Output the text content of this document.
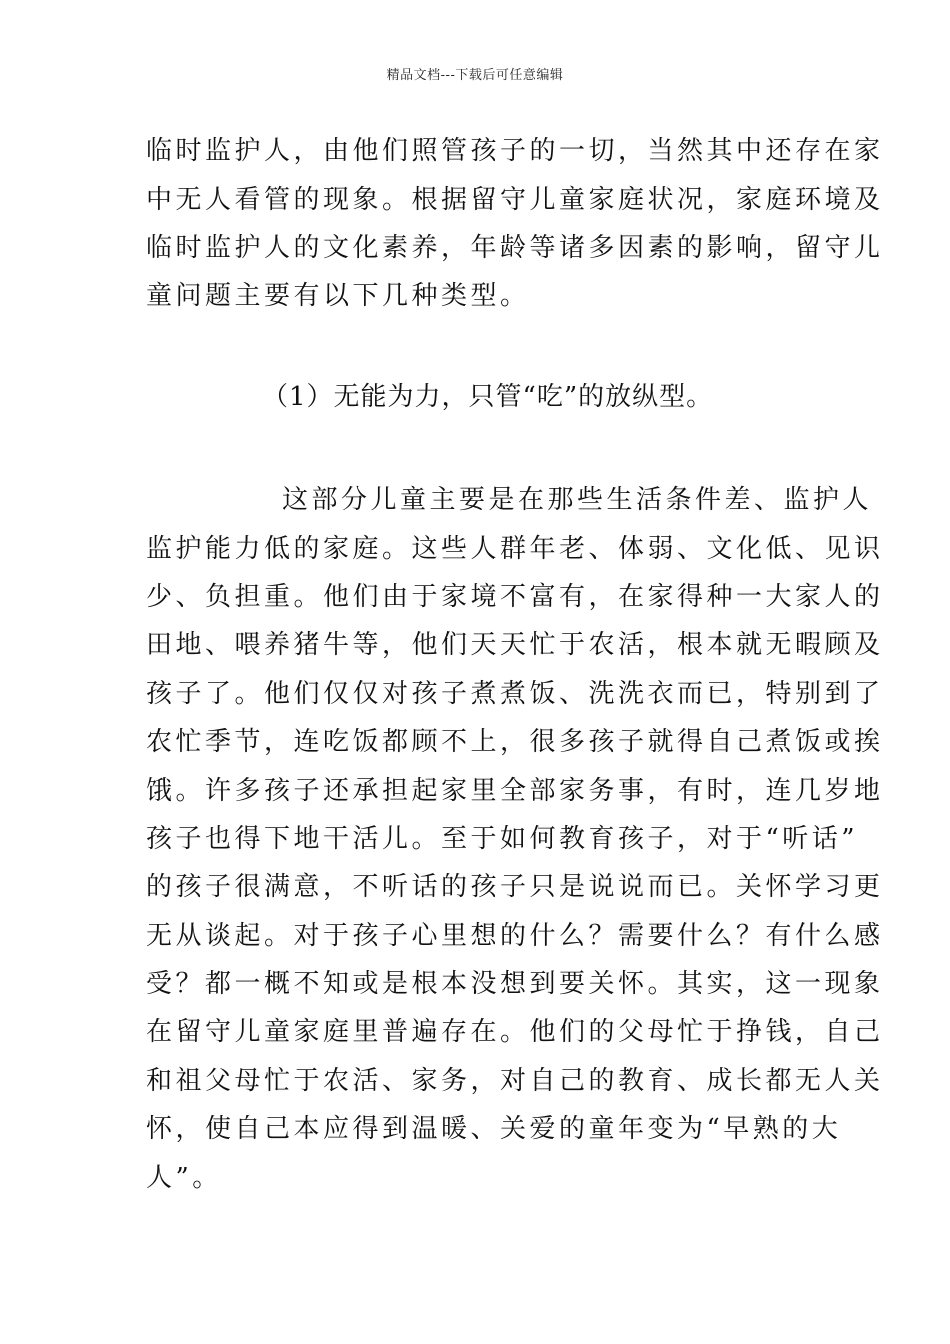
精品文档---下载后可任意编辑
临时监护人，由他们照管孩子的一切，当然其中还存在家
中无人看管的现象。根据留守儿童家庭状况，家庭环境及
临时监护人的文化素养，年龄等诸多因素的影响，留守儿
童问题主要有以下几种类型。
（1）无能为力，只管“吃”的放纵型。
这部分儿童主要是在那些生活条件差、监护人
监护能力低的家庭。这些人群年老、体弱、文化低、见识
少、负担重。他们由于家境不富有，在家得种一大家人的
田地、喂养猪牛等，他们天天忙于农活，根本就无暇顾及
孩子了。他们仅仅对孩子煮煮饭、洗洗衣而已，特别到了
农忙季节，连吃饭都顾不上，很多孩子就得自己煮饭或挨
饿。许多孩子还承担起家里全部家务事，有时，连几岁地
孩子也得下地干活儿。至于如何教育孩子，对于“听话”
的孩子很满意，不听话的孩子只是说说而已。关怀学习更
无从谈起。对于孩子心里想的什么？需要什么？有什么感
受？都一概不知或是根本没想到要关怀。其实，这一现象
在留守儿童家庭里普遍存在。他们的父母忙于挣钱，自己
和祖父母忙于农活、家务，对自己的教育、成长都无人关
怀，使自己本应得到温暖、关爱的童年变为“早熟的大
人”。
